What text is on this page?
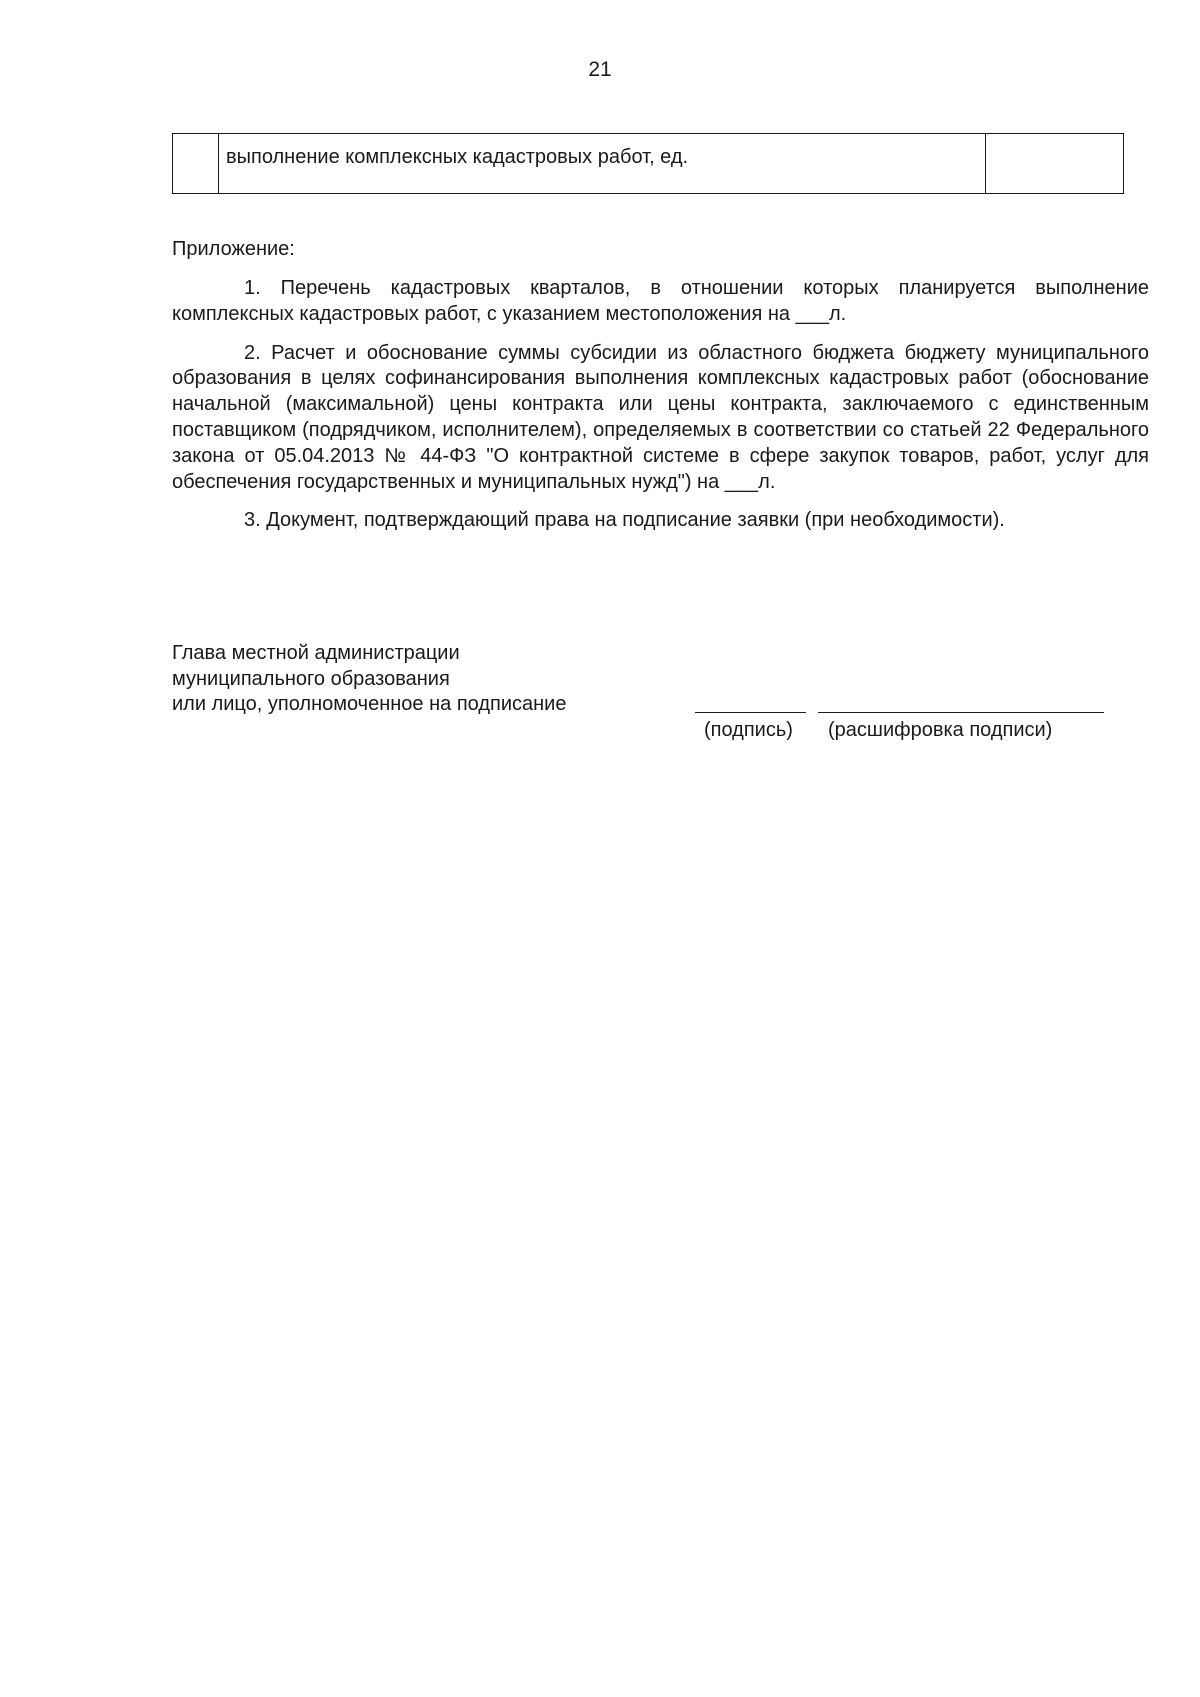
21
выполнение комплексных кадастровых работ, ед.
Приложение:

1. Перечень кадастровых кварталов, в отношении которых планируется выполнение комплексных кадастровых работ, с указанием местоположения на ___л.

2. Расчет и обоснование суммы субсидии из областного бюджета бюджету муниципального образования в целях софинансирования выполнения комплексных кадастровых работ (обоснование начальной (максимальной) цены контракта или цены контракта, заключаемого с единственным поставщиком (подрядчиком, исполнителем), определяемых в соответствии со статьей 22 Федерального закона от 05.04.2013 № 44-ФЗ "О контрактной системе в сфере закупок товаров, работ, услуг для обеспечения государственных и муниципальных нужд") на ___л.

3. Документ, подтверждающий права на подписание заявки (при необходимости).

Глава местной администрации
муниципального образования
или лицо, уполномоченное на подписание
(подпись) (расшифровка подписи)
